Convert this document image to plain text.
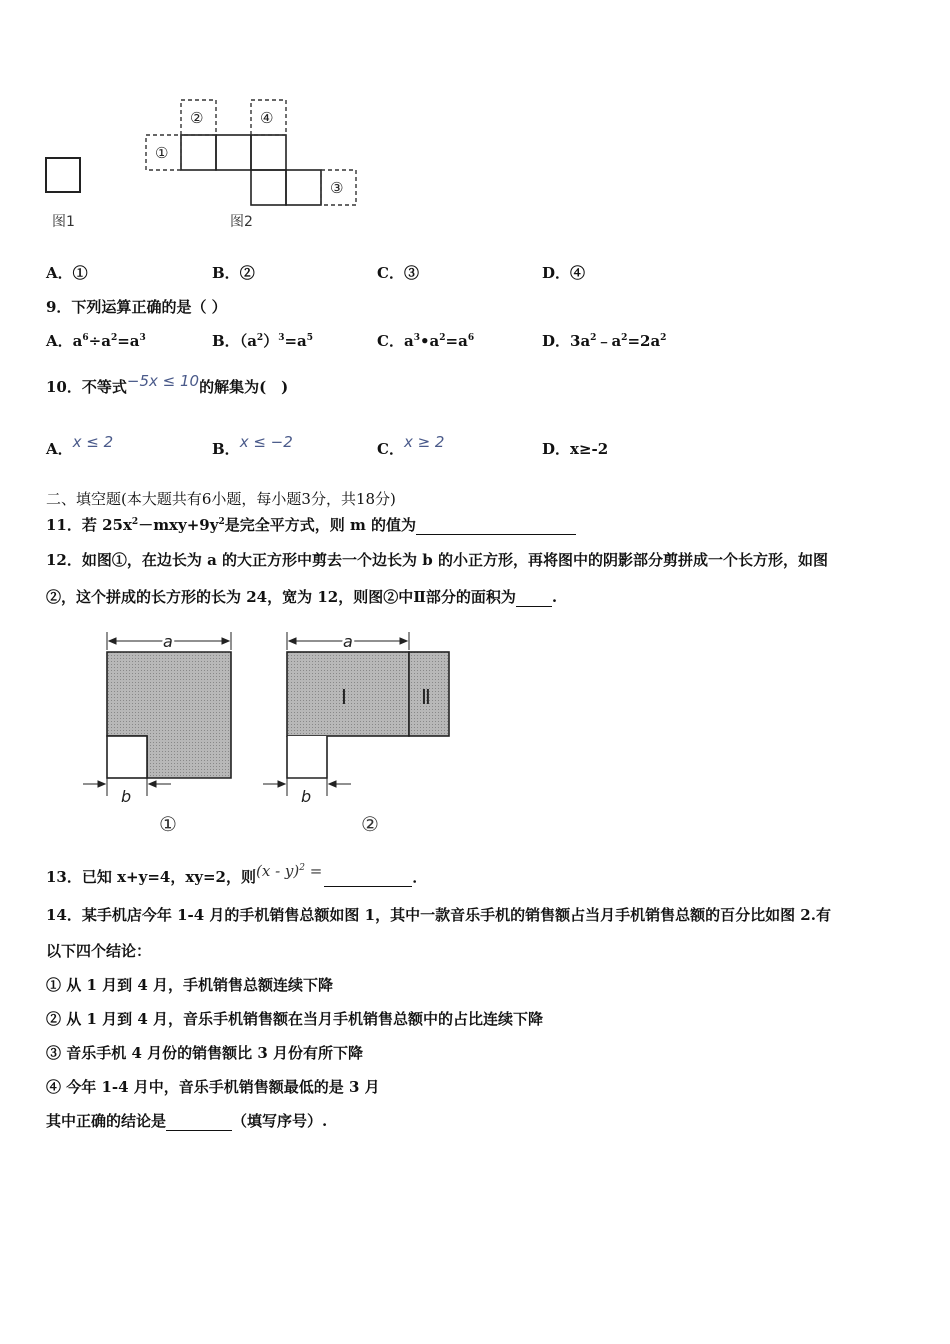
图1
①
②
③
④
图2
A．①	B．②	C．③	D．④
9．下列运算正确的是（ ）
A．$a^6\div a^2=a^3$	B．$(a^2)^3=a^5$	C．$a^3•a^2=a^6$	D．$3a^2﹣a^2=2a^2$
10．不等式−5x ≤ 10的解集为(　)
A．x ≤ 2	B．x ≤ −2	C．x ≥ 2	D．x≥-2
二、填空题(本大题共有6小题，每小题3分，共18分)
11．若 $25x^2-mxy+9y^2$是完全平方式，则 m 的值为
12．如图①，在边长为 a 的大正方形中剪去一个边长为 b 的小正方形，再将图中的阴影部分剪拼成一个长方形，如图
②，这个拼成的长方形的长为 24，宽为 12，则图②中Ⅱ部分的面积为 .
a
b
①
Ⅰ	Ⅱ
a
b
②
13．已知 x+y=4，xy=2，则(x - y)$^2$ =	．
14．某手机店今年 1-4 月的手机销售总额如图 1，其中一款音乐手机的销售额占当月手机销售总额的百分比如图 2.有
以下四个结论：
① 从 1 月到 4 月，手机销售总额连续下降
② 从 1 月到 4 月，音乐手机销售额在当月手机销售总额中的占比连续下降
③ 音乐手机 4 月份的销售额比 3 月份有所下降
④ 今年 1-4 月中，音乐手机销售额最低的是 3 月
其中正确的结论是	（填写序号）.
